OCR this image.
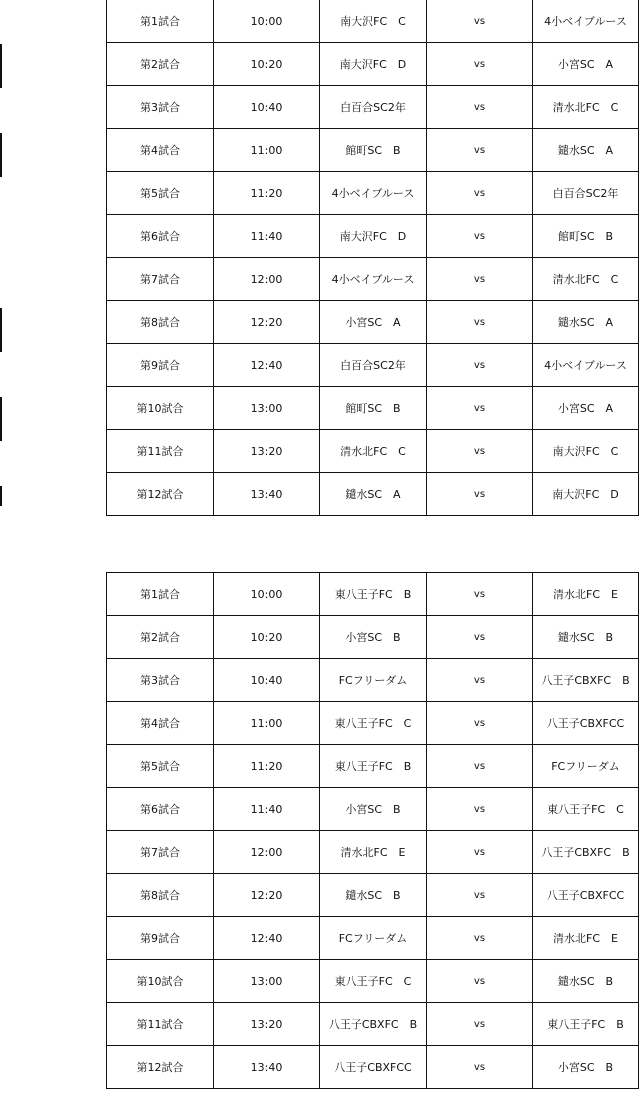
第1試合	10:00	南大沢FC　C	vs	4小ベイブルース
第2試合	10:20	南大沢FC　D	vs	小宮SC　A
第3試合	10:40	白百合SC2年	vs	清水北FC　C
第4試合	11:00	館町SC　B	vs	鑓水SC　A
第5試合	11:20	4小ベイブルース	vs	白百合SC2年
第6試合	11:40	南大沢FC　D	vs	館町SC　B
第7試合	12:00	4小ベイブルース	vs	清水北FC　C
第8試合	12:20	小宮SC　A	vs	鑓水SC　A
第9試合	12:40	白百合SC2年	vs	4小ベイブルース
第10試合	13:00	館町SC　B	vs	小宮SC　A
第11試合	13:20	清水北FC　C	vs	南大沢FC　C
第12試合	13:40	鑓水SC　A	vs	南大沢FC　D
第1試合	10:00	東八王子FC　B	vs	清水北FC　E
第2試合	10:20	小宮SC　B	vs	鑓水SC　B
第3試合	10:40	FCフリーダム	vs	八王子CBXFC　B
第4試合	11:00	東八王子FC　C	vs	八王子CBXFCC
第5試合	11:20	東八王子FC　B	vs	FCフリーダム
第6試合	11:40	小宮SC　B	vs	東八王子FC　C
第7試合	12:00	清水北FC　E	vs	八王子CBXFC　B
第8試合	12:20	鑓水SC　B	vs	八王子CBXFCC
第9試合	12:40	FCフリーダム	vs	清水北FC　E
第10試合	13:00	東八王子FC　C	vs	鑓水SC　B
第11試合	13:20	八王子CBXFC　B	vs	東八王子FC　B
第12試合	13:40	八王子CBXFCC	vs	小宮SC　B
